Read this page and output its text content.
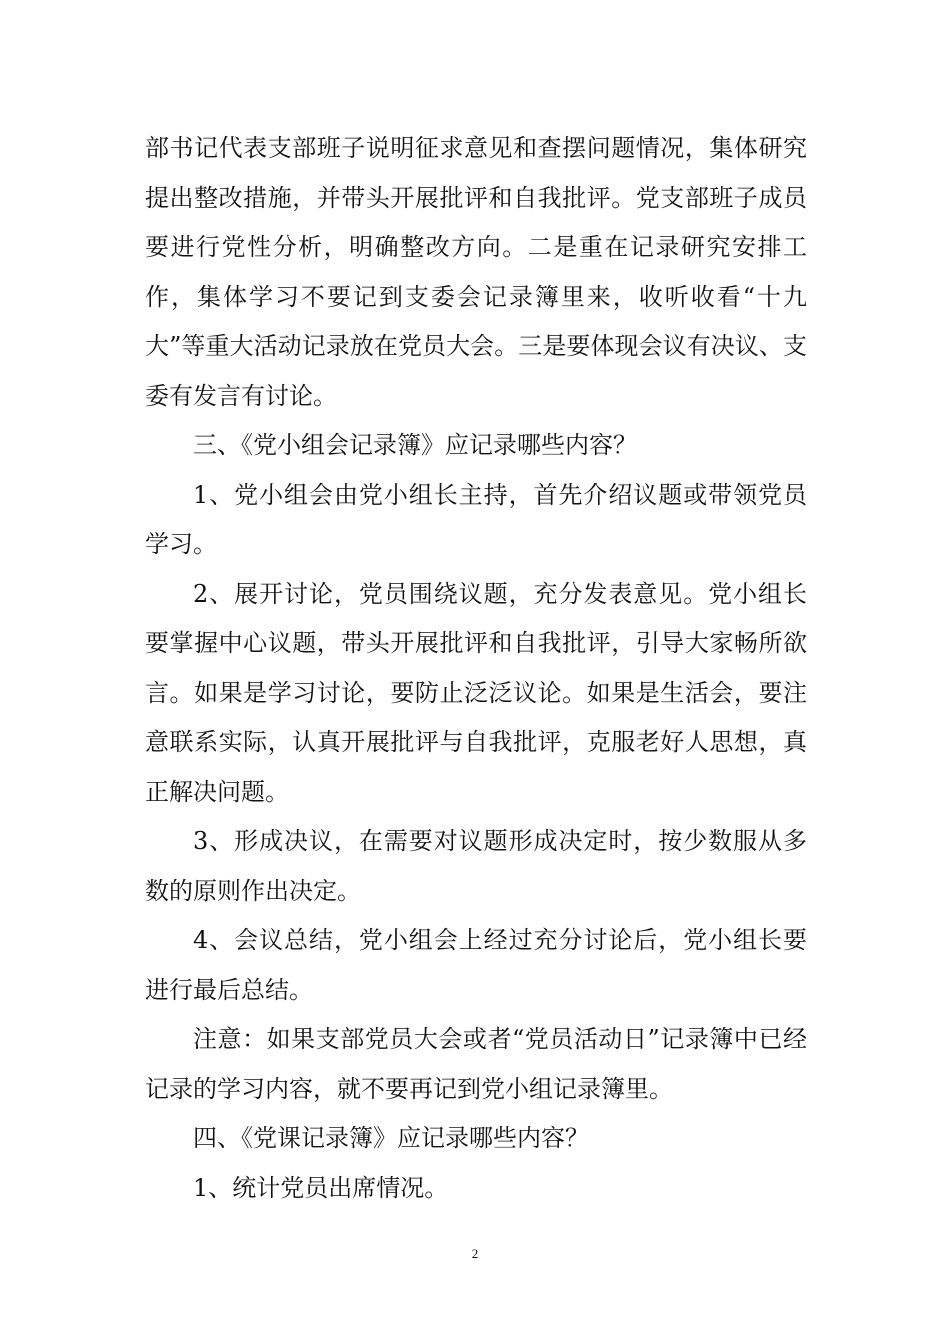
部书记代表支部班子说明征求意见和查摆问题情况，集体研究提出整改措施，并带头开展批评和自我批评。党支部班子成员要进行党性分析，明确整改方向。二是重在记录研究安排工作，集体学习不要记到支委会记录簿里来，收听收看“十九大”等重大活动记录放在党员大会。三是要体现会议有决议、支委有发言有讨论。

三、《党小组会记录簿》应记录哪些内容？

1、党小组会由党小组长主持，首先介绍议题或带领党员学习。

2、展开讨论，党员围绕议题，充分发表意见。党小组长要掌握中心议题，带头开展批评和自我批评，引导大家畅所欲言。如果是学习讨论，要防止泛泛议论。如果是生活会，要注意联系实际，认真开展批评与自我批评，克服老好人思想，真正解决问题。

3、形成决议，在需要对议题形成决定时，按少数服从多数的原则作出决定。

4、会议总结，党小组会上经过充分讨论后，党小组长要进行最后总结。

注意：如果支部党员大会或者“党员活动日”记录簿中已经记录的学习内容，就不要再记到党小组记录簿里。

四、《党课记录簿》应记录哪些内容？

1、统计党员出席情况。

2
